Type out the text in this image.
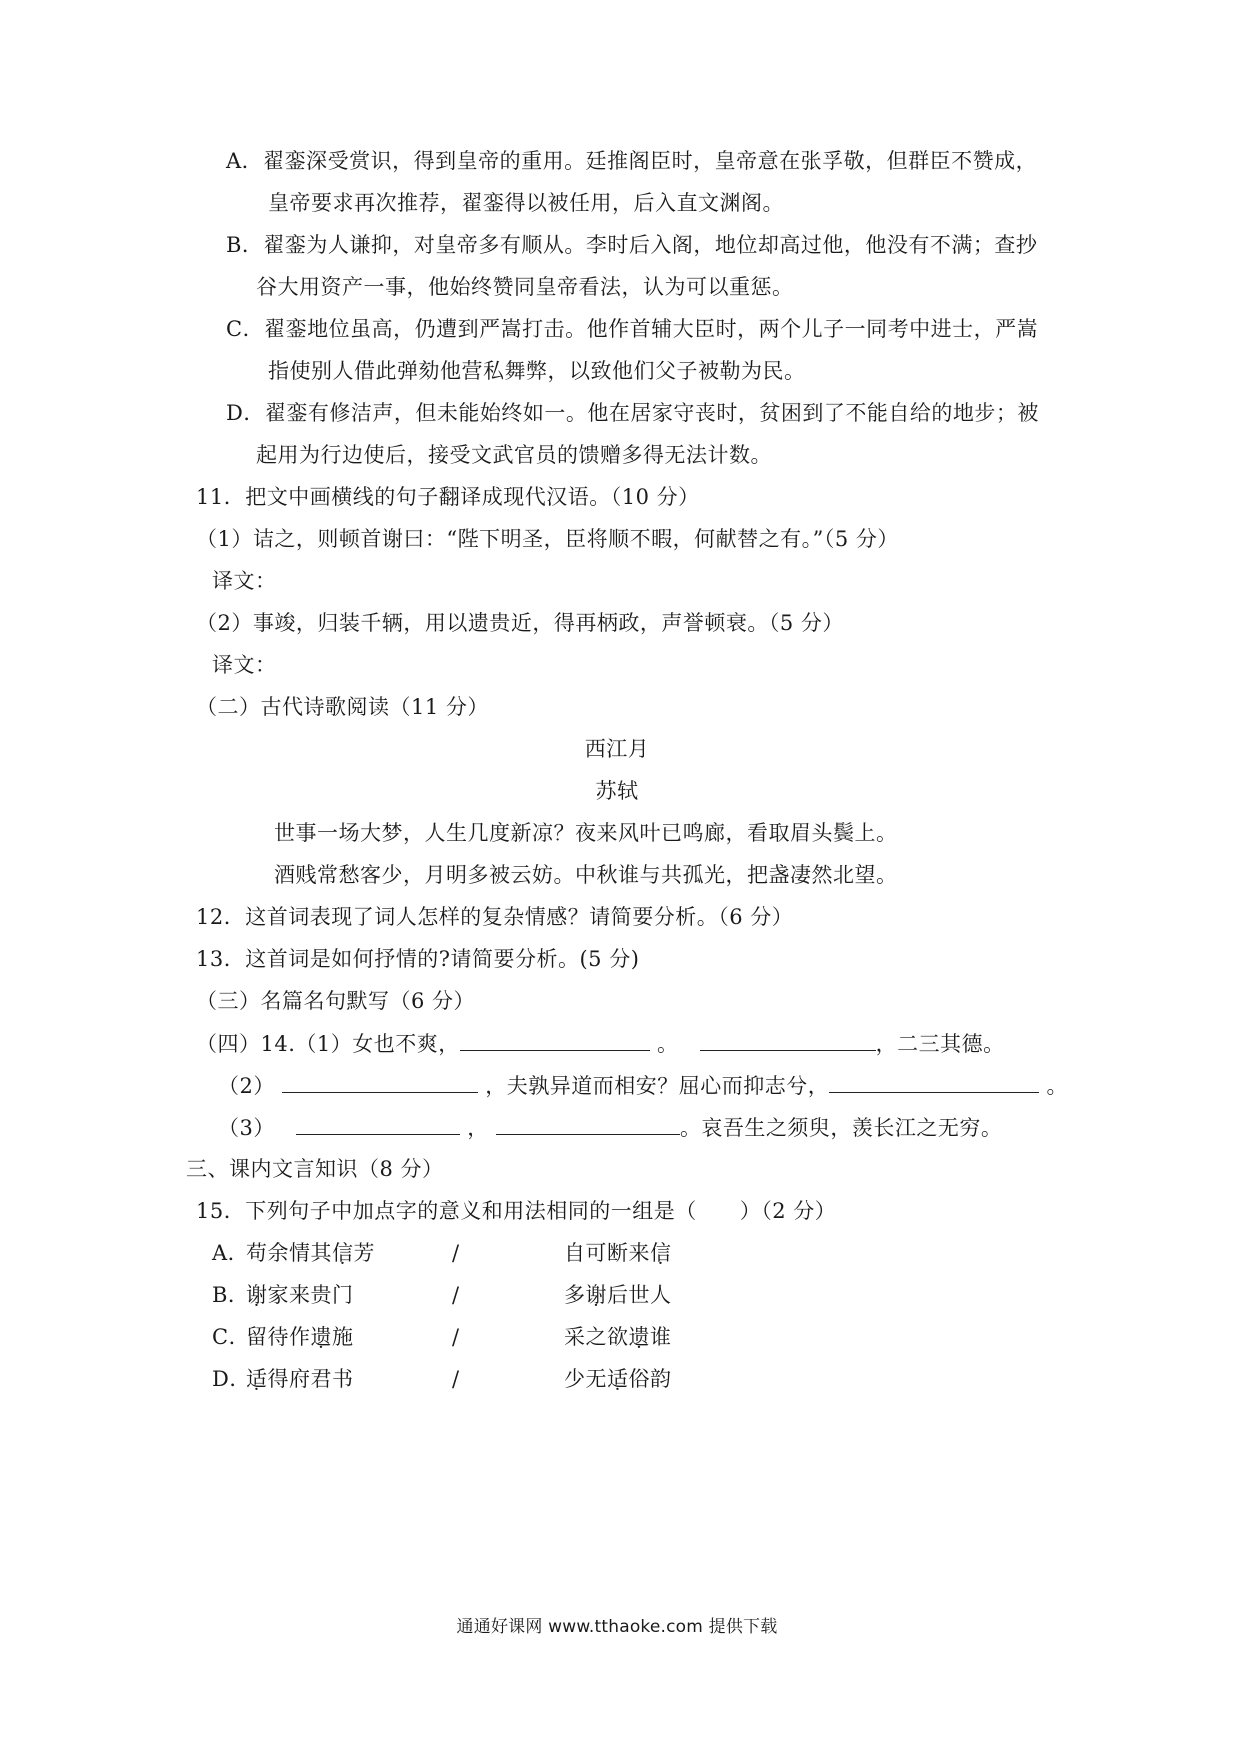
A．翟銮深受赏识，得到皇帝的重用。廷推阁臣时，皇帝意在张孚敬，但群臣不赞成，
皇帝要求再次推荐，翟銮得以被任用，后入直文渊阁。
B．翟銮为人谦抑，对皇帝多有顺从。李时后入阁，地位却高过他，他没有不满；查抄
谷大用资产一事，他始终赞同皇帝看法，认为可以重惩。
C．翟銮地位虽高，仍遭到严嵩打击。他作首辅大臣时，两个儿子一同考中进士，严嵩
指使别人借此弹劾他营私舞弊，以致他们父子被勒为民。
D．翟銮有修洁声，但未能始终如一。他在居家守丧时，贫困到了不能自给的地步；被
起用为行边使后，接受文武官员的馈赠多得无法计数。
11．把文中画横线的句子翻译成现代汉语。（10 分）
（1）诘之，则顿首谢曰：“陛下明圣，臣将顺不暇，何献替之有。”（5 分）
译文：
（2）事竣，归装千辆，用以遗贵近，得再柄政，声誉顿衰。（5 分）
译文：
（二）古代诗歌阅读（11 分）
西江月
苏轼
世事一场大梦，人生几度新凉？夜来风叶已鸣廊，看取眉头鬓上。
酒贱常愁客少，月明多被云妨。中秋谁与共孤光，把盏凄然北望。
12．这首词表现了词人怎样的复杂情感？请简要分析。（6 分）
13．这首词是如何抒情的?请简要分析。(5 分)
（三）名篇名句默写（6 分）
（四）14.（1）女也不爽，	。	，二三其德。
（2）	，夫孰异道而相安？屈心而抑志兮，	。
（3）	，	。哀吾生之须臾，羡长江之无穷。
三、课内文言知识（8 分）
15．下列句子中加点字的意义和用法相同的一组是（　　）（2 分）
A．
苟余情其信芳	/	自可断来信
B．
谢家来贵门	/	多谢后世人
C．
留待作遗施	/	采之欲遗谁
D．
适得府君书	/	少无适俗韵
通通好课网 www.tthaoke.com 提供下载
